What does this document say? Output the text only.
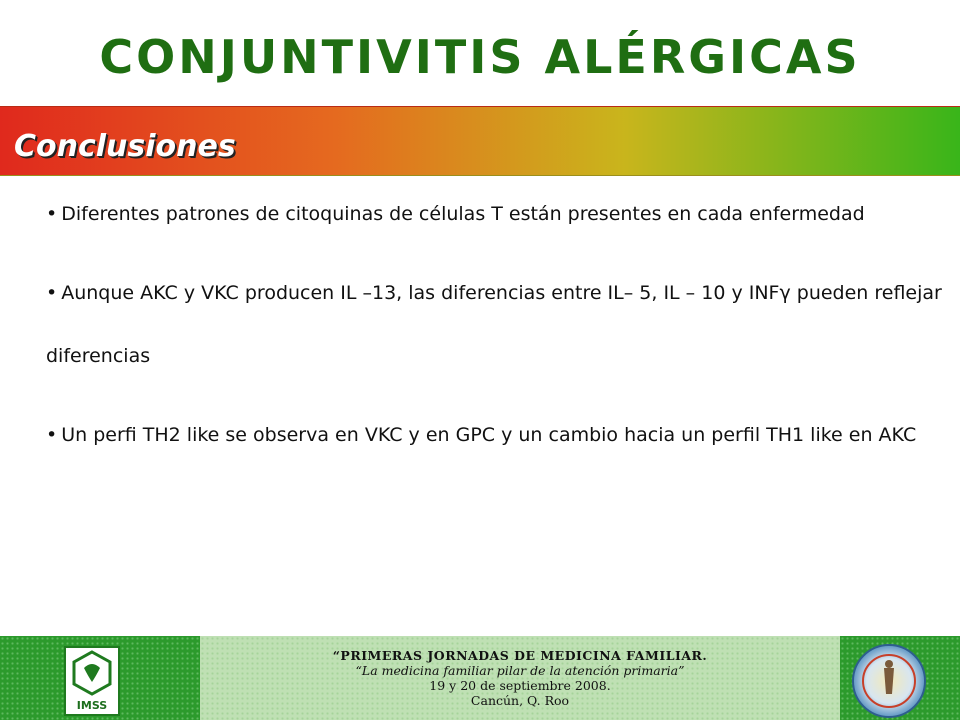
CONJUNTIVITIS ALÉRGICAS
Conclusiones
• Diferentes patrones de citoquinas de células T están presentes en cada enfermedad
• Aunque AKC y VKC producen IL –13, las diferencias entre IL– 5, IL – 10 y INFγ pueden reflejar diferencias
• Un perfi TH2 like se observa en VKC y en GPC y un cambio hacia un perfil TH1 like en AKC
IMSS
“PRIMERAS JORNADAS DE MEDICINA FAMILIAR.
“La medicina familiar pilar de la atención primaria”
19 y 20 de septiembre 2008.
Cancún, Q. Roo
